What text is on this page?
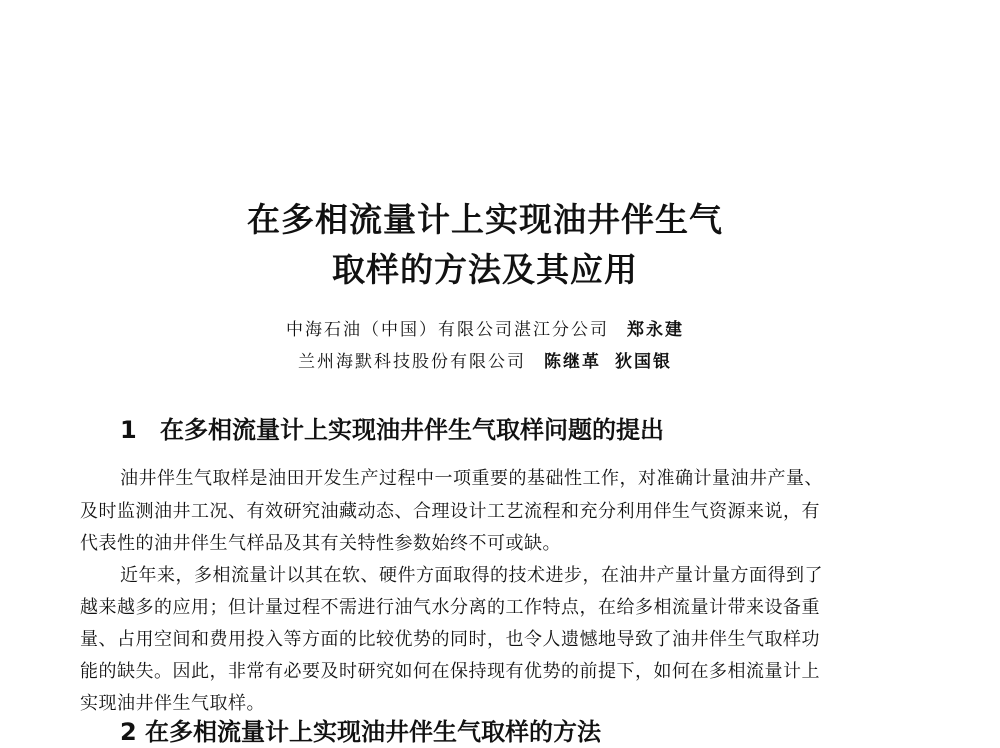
在多相流量计上实现油井伴生气
取样的方法及其应用
中海石油（中国）有限公司湛江分公司 郑永建
兰州海默科技股份有限公司 陈继革 狄国银
1 在多相流量计上实现油井伴生气取样问题的提出
油井伴生气取样是油田开发生产过程中一项重要的基础性工作，对准确计量油井产量、
及时监测油井工况、有效研究油藏动态、合理设计工艺流程和充分利用伴生气资源来说，有
代表性的油井伴生气样品及其有关特性参数始终不可或缺。
近年来，多相流量计以其在软、硬件方面取得的技术进步，在油井产量计量方面得到了
越来越多的应用；但计量过程不需进行油气水分离的工作特点，在给多相流量计带来设备重
量、占用空间和费用投入等方面的比较优势的同时，也令人遗憾地导致了油井伴生气取样功
能的缺失。因此，非常有必要及时研究如何在保持现有优势的前提下，如何在多相流量计上
实现油井伴生气取样。
2 在多相流量计上实现油井伴生气取样的方法
